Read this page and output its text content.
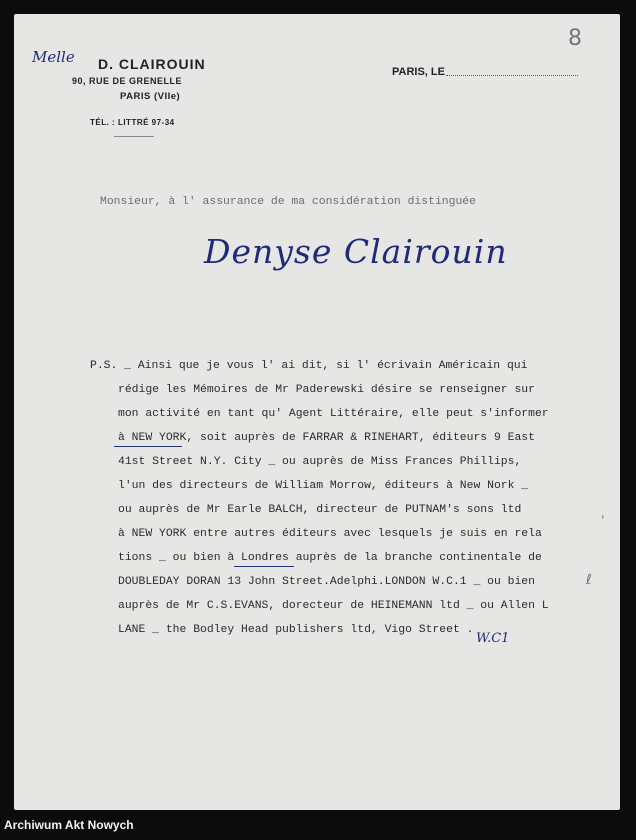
Melle D. CLAIROUIN
90, RUE DE GRENELLE
PARIS (VIIe)
TÉL. : LITTRÉ 97-34
PARIS, LE
8
Monsieur, à l' assurance de ma considération distinguée
Denyse Clairouin
P.S. _ Ainsi que je vous l' ai dit, si l' écrivain Américain qui
rédige les Mémoires de Mr Paderewski désire se renseigner sur
mon activité en tant qu' Agent Littéraire, elle peut s'informer
à NEW YORK, soit auprès de FARRAR & RINEHART, éditeurs 9 East
41st Street N.Y. City _ ou auprès de Miss Frances Phillips,
l'un des directeurs de William Morrow, éditeurs à New Nork _
ou auprès de Mr Earle BALCH, directeur de PUTNAM's sons ltd
à NEW YORK entre autres éditeurs avec lesquels je suis en rela
tions _ ou bien à Londres auprès de la branche continentale de
DOUBLEDAY DORAN 13 John Street.Adelphi.LONDON W.C.1 _ ou bien
auprès de Mr C.S.EVANS, dorecteur de HEINEMANN ltd _ ou Allen L
LANE _ the Bodley Head publishers ltd, Vigo Street .
W.C1
'
ℓ
Archiwum Akt Nowych
